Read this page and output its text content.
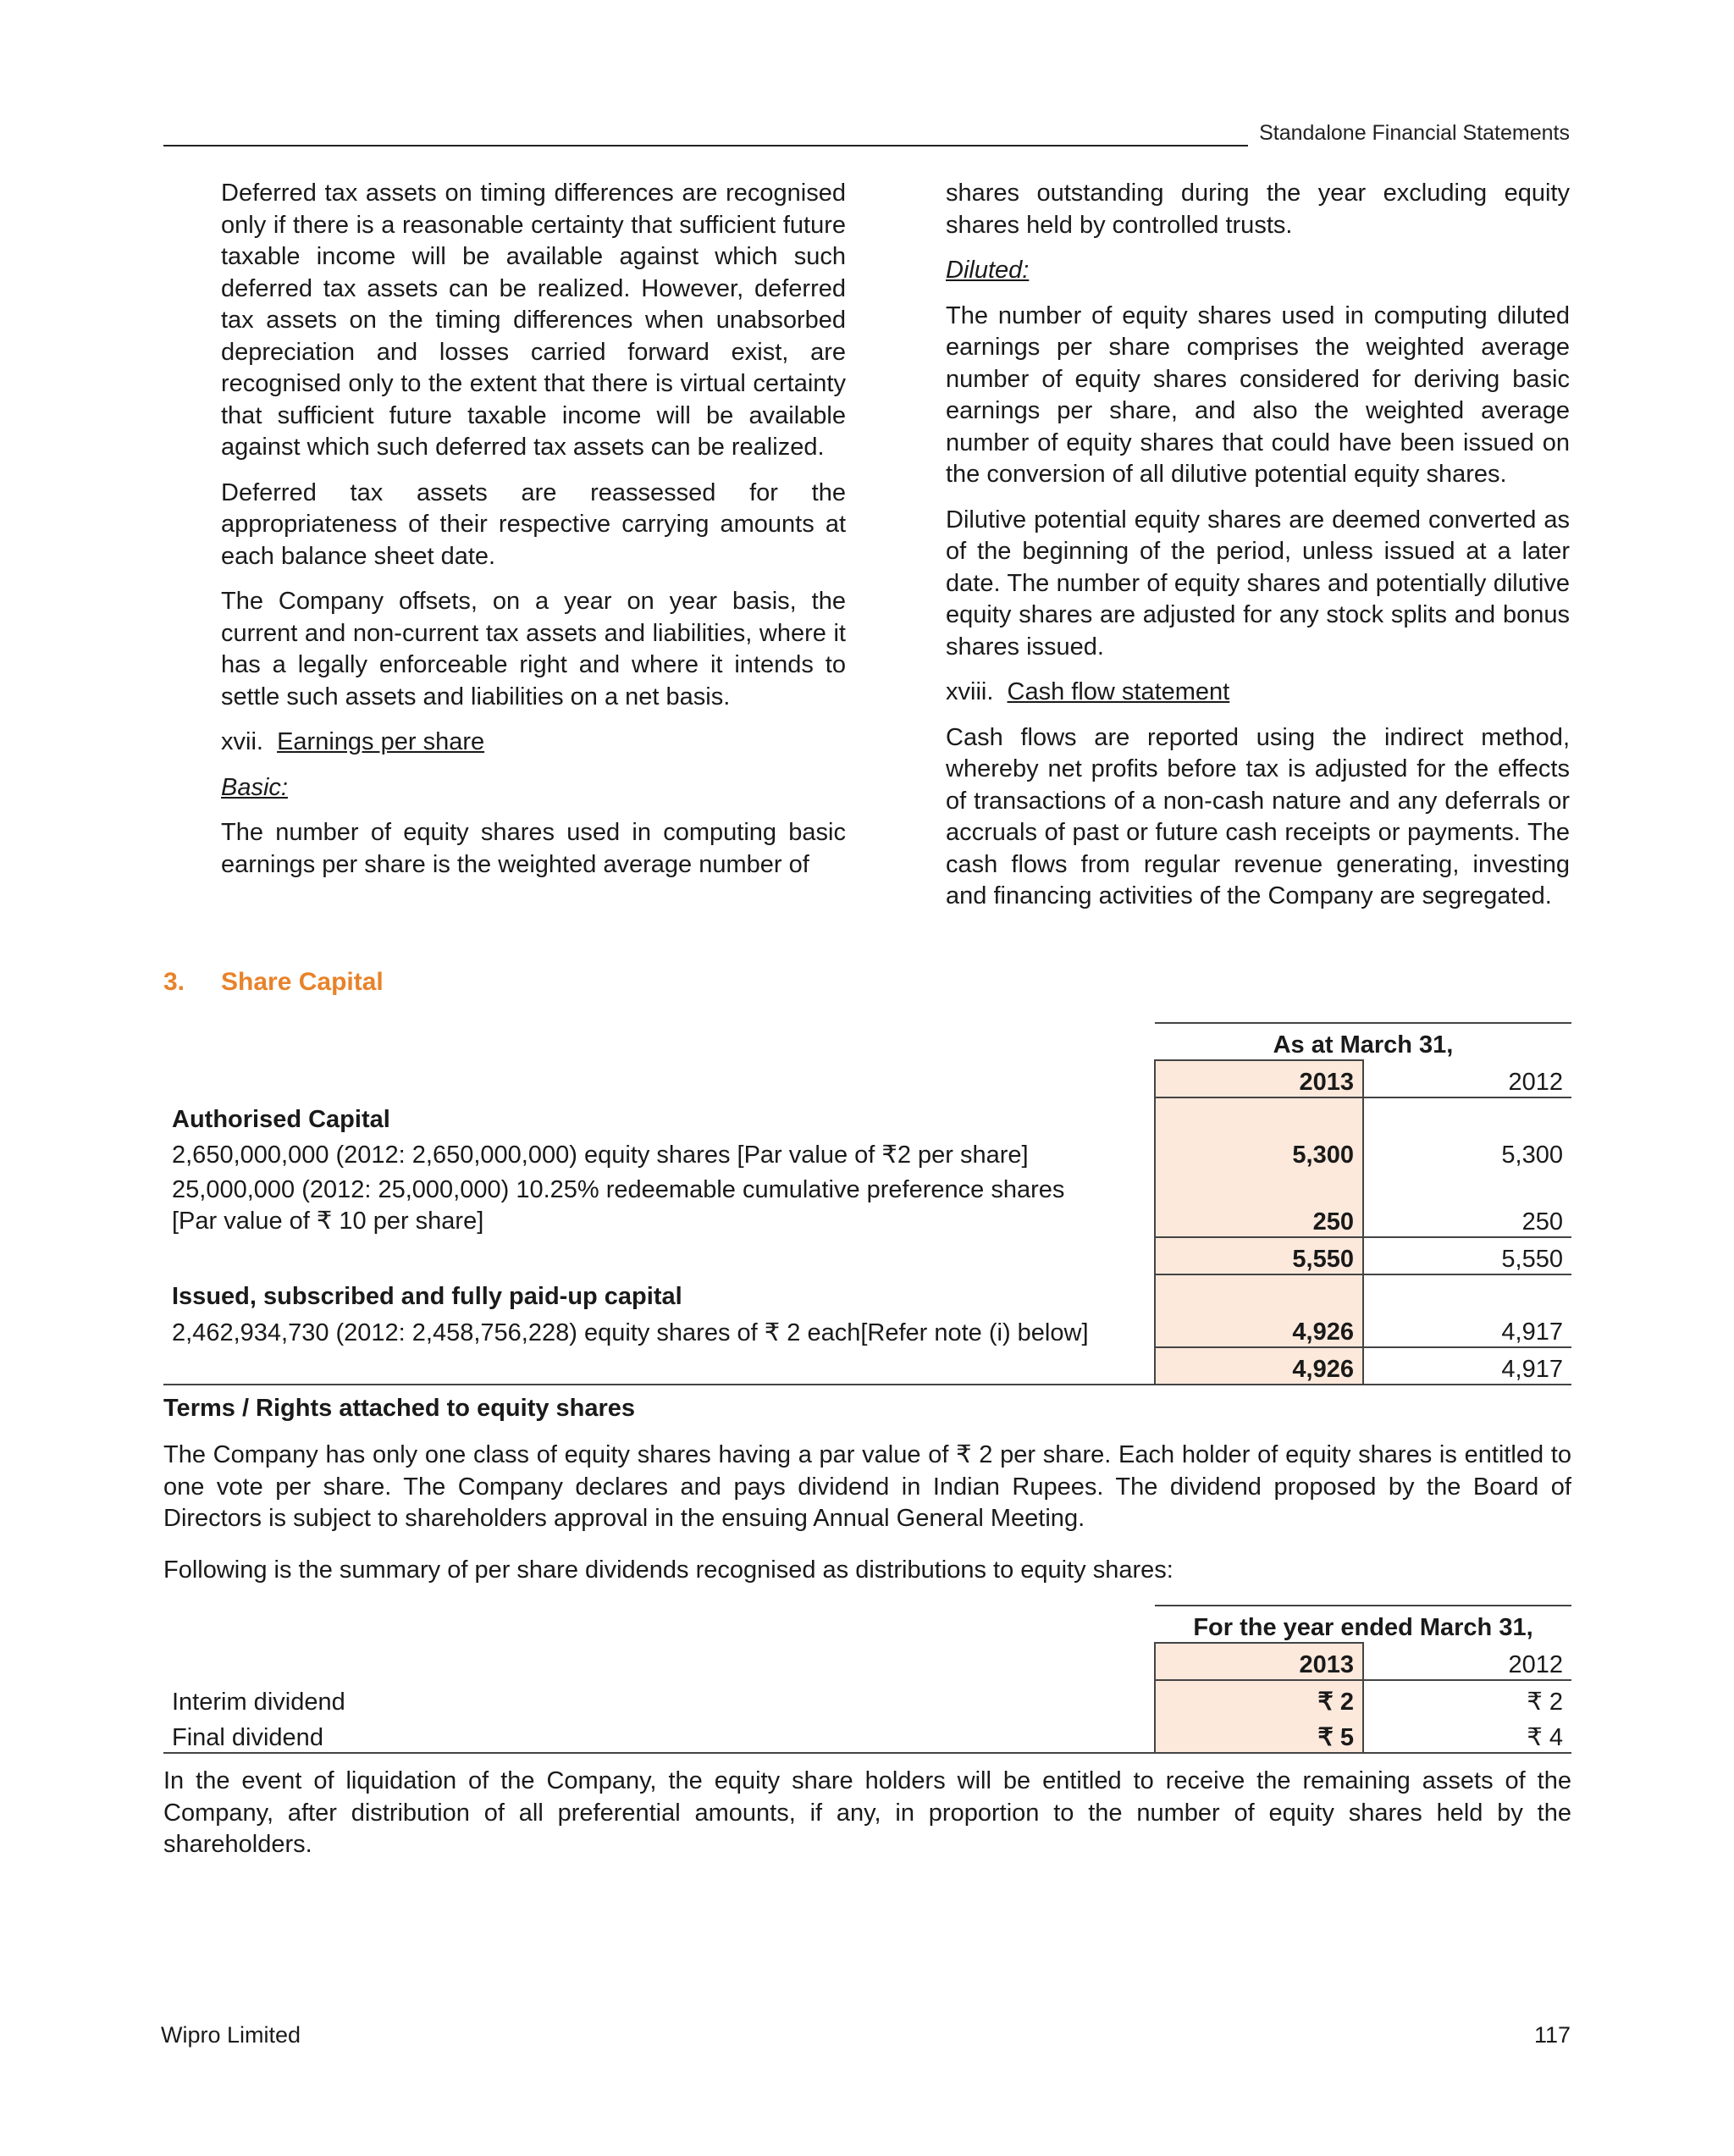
Standalone Financial Statements

Deferred tax assets on timing differences are recognised only if there is a reasonable certainty that sufficient future taxable income will be available against which such deferred tax assets can be realized. However, deferred tax assets on the timing differences when unabsorbed depreciation and losses carried forward exist, are recognised only to the extent that there is virtual certainty that sufficient future taxable income will be available against which such deferred tax assets can be realized.

Deferred tax assets are reassessed for the appropriateness of their respective carrying amounts at each balance sheet date.

The Company offsets, on a year on year basis, the current and non-current tax assets and liabilities, where it has a legally enforceable right and where it intends to settle such assets and liabilities on a net basis.

xvii. Earnings per share

Basic:

The number of equity shares used in computing basic earnings per share is the weighted average number of

shares outstanding during the year excluding equity shares held by controlled trusts.

Diluted:

The number of equity shares used in computing diluted earnings per share comprises the weighted average number of equity shares considered for deriving basic earnings per share, and also the weighted average number of equity shares that could have been issued on the conversion of all dilutive potential equity shares.

Dilutive potential equity shares are deemed converted as of the beginning of the period, unless issued at a later date. The number of equity shares and potentially dilutive equity shares are adjusted for any stock splits and bonus shares issued.

xviii. Cash flow statement

Cash flows are reported using the indirect method, whereby net profits before tax is adjusted for the effects of transactions of a non-cash nature and any deferrals or accruals of past or future cash receipts or payments. The cash flows from regular revenue generating, investing and financing activities of the Company are segregated.

3. Share Capital
	As at March 31,	
	2013	2012
Authorised Capital		
2,650,000,000 (2012: 2,650,000,000) equity shares [Par value of ₹2 per share]	5,300	5,300
25,000,000 (2012: 25,000,000) 10.25% redeemable cumulative preference shares
[Par value of ₹ 10 per share]	250	250
	5,550	5,550
Issued, subscribed and fully paid-up capital		
2,462,934,730 (2012: 2,458,756,228) equity shares of ₹ 2 each[Refer note (i) below]	4,926	4,917
	4,926	4,917
Terms / Rights attached to equity shares
The Company has only one class of equity shares having a par value of ₹ 2 per share. Each holder of equity shares is entitled to one vote per share. The Company declares and pays dividend in Indian Rupees. The dividend proposed by the Board of Directors is subject to shareholders approval in the ensuing Annual General Meeting.
Following is the summary of per share dividends recognised as distributions to equity shares:
	For the year ended March 31,	
	2013	2012
Interim dividend	₹ 2	₹ 2
Final dividend	₹ 5	₹ 4
In the event of liquidation of the Company, the equity share holders will be entitled to receive the remaining assets of the Company, after distribution of all preferential amounts, if any, in proportion to the number of equity shares held by the shareholders.
Wipro Limited	117
